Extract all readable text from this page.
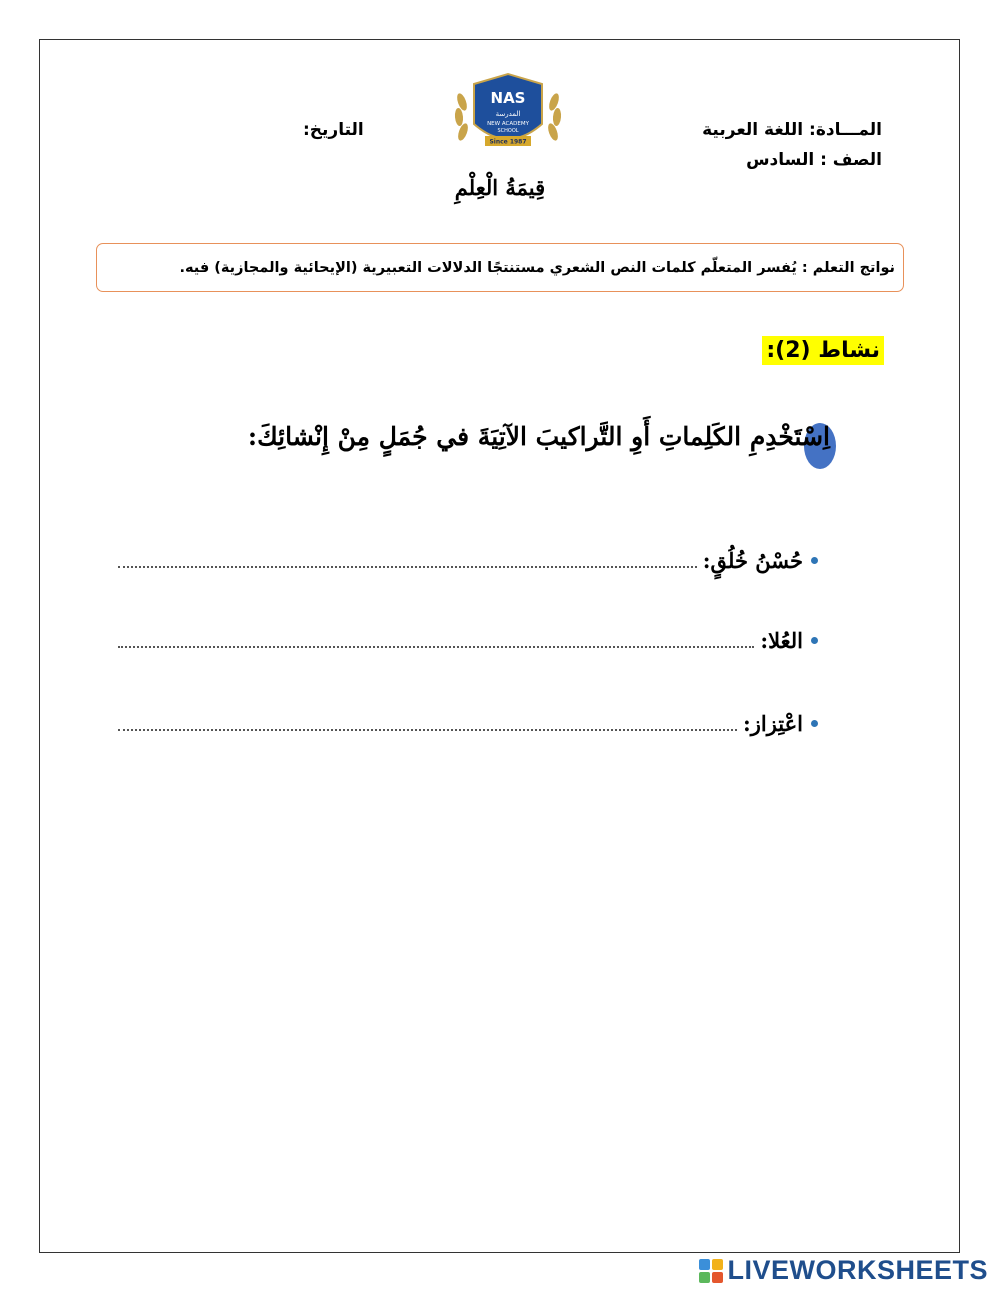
المـــادة: اللغة العربية
الصف : السادس
التاريخ:
NAS
المدرسة
NEW ACADEMY
SCHOOL
Since 1987
قِيمَةُ الْعِلْمِ
نواتج التعلم : يُفسر المتعلّم كلمات النص الشعري مستنتجًا الدلالات التعبيرية (الإيحائية والمجازية) فيه.
نشاط (2):
اِسْتَخْدِمِ الكَلِماتِ أَوِ التَّراكيبَ الآتِيَةَ في جُمَلٍ مِنْ إِنْشائِكَ:
حُسْنُ خُلُقٍ:
العُلا:
اعْتِزاز:
LIVEWORKSHEETS
